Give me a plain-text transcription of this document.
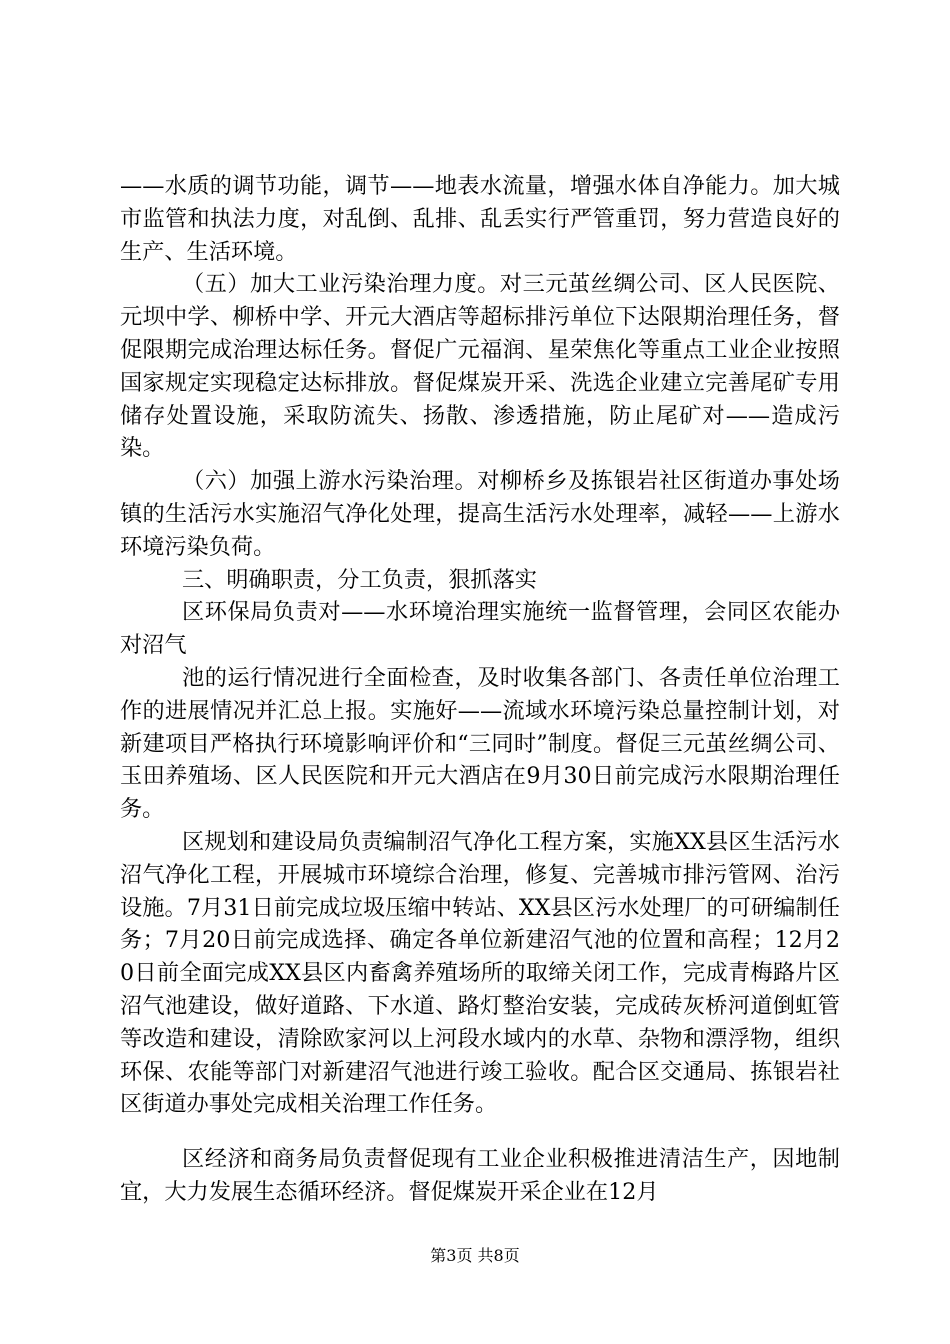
——水质的调节功能，调节——地表水流量，增强水体自净能力。加大城市监管和执法力度，对乱倒、乱排、乱丢实行严管重罚，努力营造良好的生产、生活环境。

（五）加大工业污染治理力度。对三元茧丝绸公司、区人民医院、元坝中学、柳桥中学、开元大酒店等超标排污单位下达限期治理任务，督促限期完成治理达标任务。督促广元福润、星荣焦化等重点工业企业按照国家规定实现稳定达标排放。督促煤炭开采、洗选企业建立完善尾矿专用储存处置设施，采取防流失、扬散、渗透措施，防止尾矿对——造成污染。

（六）加强上游水污染治理。对柳桥乡及拣银岩社区街道办事处场镇的生活污水实施沼气净化处理，提高生活污水处理率，减轻——上游水环境污染负荷。

三、明确职责，分工负责，狠抓落实

区环保局负责对——水环境治理实施统一监督管理，会同区农能办对沼气

池的运行情况进行全面检查，及时收集各部门、各责任单位治理工作的进展情况并汇总上报。实施好——流域水环境污染总量控制计划，对新建项目严格执行环境影响评价和“三同时”制度。督促三元茧丝绸公司、玉田养殖场、区人民医院和开元大酒店在9月30日前完成污水限期治理任务。

区规划和建设局负责编制沼气净化工程方案，实施XX县区生活污水沼气净化工程，开展城市环境综合治理，修复、完善城市排污管网、治污设施。7月31日前完成垃圾压缩中转站、XX县区污水处理厂的可研编制任务；7月20日前完成选择、确定各单位新建沼气池的位置和高程；12月20日前全面完成XX县区内畜禽养殖场所的取缔关闭工作，完成青梅路片区沼气池建设，做好道路、下水道、路灯整治安装，完成砖灰桥河道倒虹管等改造和建设，清除欧家河以上河段水域内的水草、杂物和漂浮物，组织环保、农能等部门对新建沼气池进行竣工验收。配合区交通局、拣银岩社区街道办事处完成相关治理工作任务。

区经济和商务局负责督促现有工业企业积极推进清洁生产，因地制宜，大力发展生态循环经济。督促煤炭开采企业在12月

第3页 共8页
